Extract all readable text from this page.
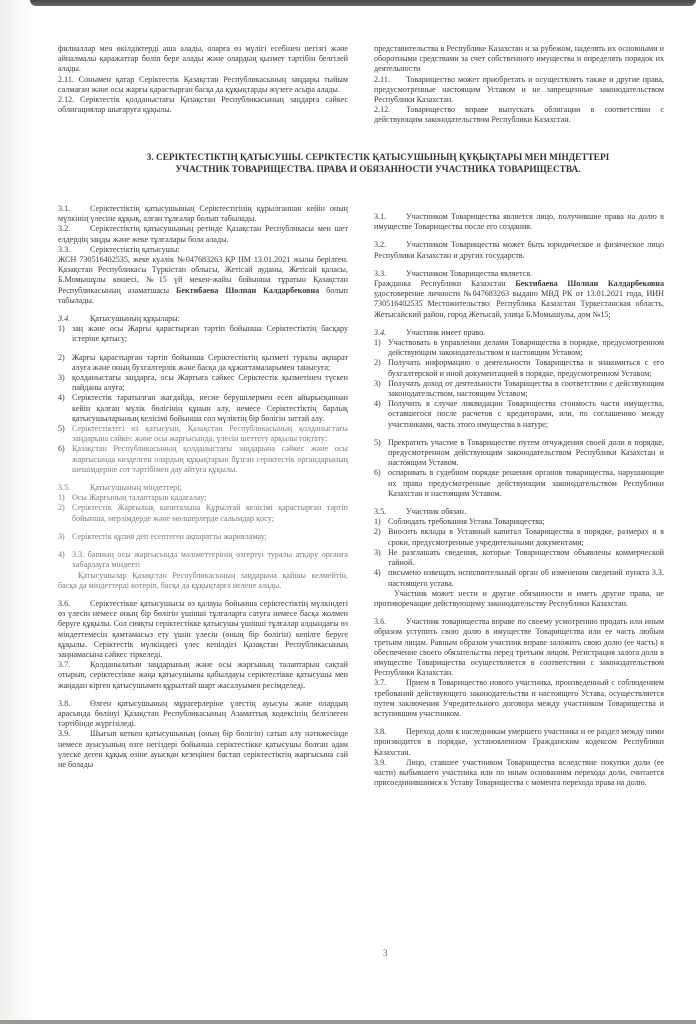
филиаллар мен өкілдіктерді аша алады, оларға өз мүлігі есебінен негізгі және айналмалы қаражаттар бөліп бере алады және олардың қызмет тәртібін белгілей алады.

2.11. Сонымен қатар Серіктестік Қазақстан Республикасының заңдары тыйым салмаған және осы жарғы қарастырған басқа да құқықтарды жүзеге асыра алады.

2.12. Серіктестік қолданыстағы Қазақстан Республикасының заңдарға сәйкес облигациялар шығаруға құқылы.

представительства в Республике Казахстан и за рубежом, наделять их основными и оборотными средствами за счет собственного имущества и определять порядок их деятельности

2.11. Товарищество может приобретать и осуществлять также и другие права, предусмотренные настоящим Уставом и не запрещенные законодательством Республики Казахстан.

2.12. Товарищество вправе выпускать облигации в соответствии с действующим законодательством Республики Казахстан.

3. СЕРІКТЕСТІКТІҢ ҚАТЫСУШЫ. СЕРІКТЕСТІК ҚАТЫСУШЫНЫҢ ҚҰҚЫҚТАРЫ МЕН МІНДЕТТЕРІ
УЧАСТНИК ТОВАРИЩЕСТВА. ПРАВА И ОБЯЗАННОСТИ УЧАСТНИКА ТОВАРИЩЕСТВА.

3.1. Серіктестіктің қатысушының Серіктестігінің құрылғаннан кейін оның мүлкінің үлесіне құқық, алған тұлғалар болып табылады.

3.2. Серіктестіктің қатысушының ретінде Қазақстан Республикасы мен шет елдердің заңды және жеке тұлғалары бола алады.

3.3. Серіктестіктің қатысушы:

ЖСН 730516402535, жеке куәлік №047683263 ҚР ІІМ 13.01.2021 жылы берілген. Қазақстан Республикасы Түркістан облысы, Жетісай ауданы, Жетісай қаласы, Б.Момышұлы көшесі, №15 үй мекен-жайы бойынша тұратын Қазақстан Республикасының азаматшасы Бектибаева Шолпан Калдарбековна болып табылады.

3.4. Қатысушының құқылары:

1) заң және осы Жарғы қарастырған тәртіп бойынша Серіктестіктің басқару істеріне қатысу;
2) Жарғы қарастырған тәртіп бойынша Серіктестіктің қызметі туралы ақпарат алуға және оның бухгалтерлік және басқа да құжаттамаларымен танысуға;
3) қолданыстағы заңдарға, осы Жарғыға сәйкес Серіктестік қызметінен түскен пайданы алуға;
4) Серіктестік таратылған жағдайда, несие берушілермен есеп айырысқаннан кейін қалған мүлік бөлігінің құнын алу, немесе Серіктестіктің барлық қатысушыларының келісімі бойынша сол мүліктің бір бөлігін заттай алу.
5) Серіктестіктегі өз қатысуын, Қазақстан Республикасының қолданыстағы заңдарына сәйкес және осы жарғысында, үлесін шеттету арқылы тоқтату;
6) Қазақстан Республикасының қолданыстағы заңдарына сәйкес және осы жарғысында көзделген олардың құқықтарын бұзған серіктестік органдарының шешімдеріне сот тәртібімен дау айтуға құқылы.

3.5. Қатысушының міндеттері;

1) Осы Жарғының талаптарын қадағалау;
2) Серіктестік Жарғылық капиталына Құрылтай келісімі қарастырған тәртіп бойынша, мерзімдерде және мөлшерлерде салымдар қосу;
3) Серіктестік құпия деп есептеген ақпаратты жарияламау;
4) 3.3. бапның осы жарғысында мәліметтерінің өзгертуі туралы атқару органға хабарлауға міндетті

Қатысушылар Қазақстан Республикасының заңдарына қайшы келмейтін, басқа да міндеттерді көтеріп, басқа да құқықтарға иеленe алады.

3.6. Серіктестікке қатысушысы өз қалауы бойынша серіктестіктің мүлкіндегі өз үлесін немесе оның бір бөлігін үшінші тұлғаларға сатуға немесе басқа жолмен беруге құқылы. Сол сияқты серіктестікке қатысушы үшінші тұлғалар алдындағы өз міндеттемесін қамтамасыз ету үшін үлесін (оның бір бөлігін) кепілге беруге құқылы. Серіктестік мүлкіндегі үлес кепілдігі Қазақстан Республикасының заңнамасына сәйкес тіркеледі.

3.7. Қолданылатын заңдарының және осы жарғының талаптарын сақтай отырып, серіктестікке жаңа қатысушыны қабылдауы серіктестікке қатысушы мен жаңадан кірген қатысушымен құрылтай шарт жасалуымен ресімделеді.

3.8. Өлген қатысушының мұрагерлеріне үлестің ауысуы және олардың арасында бөлінуі Қазақстан Республикасының Азаматтық кодексінің белгілеген тәртібінде жүргізіледі.

3.9. Шығып кеткен қатысушының (оның бір бөлігін) сатып алу нәтижесінде немесе ауысуының өзге негіздері бойынша серіктестікке қатысушы болған адам үлеске деген құқық өзіне ауысқан кезеңінен бастап серіктестіктің жарғысына сай не болады

3.1. Участником Товарищества является лицо, получившие права на долю в имуществе Товарищества после его создания.

3.2. Участником Товарищества может быть юридическое и физическое лицо Республики Казахстан и других государств.

3.3. Участником Товарищества является.

Гражданка Республики Казахстан Бектибаева Шолпан Калдарбековна удостоверение личности №047683263 выдано МВД РК от 13.01.2021 года, ИИН 730516402535 Местожительство: Республика Казахстан Туркестанская область, Жетысайский район, город Жетысай, улица Б.Момышулы, дом №15;

3.4. Участник имеет право.

1) Участвовать в управлении делами Товарищества в порядке, предусмотренном действующим законодательством и настоящим Уставом;
2) Получать информацию о деятельности Товарищества и знакомиться с его бухгалтерской и иной документацией в порядке, предусмотренном Уставом;
3) Получать доход от деятельности Товарищества в соответствии с действующим законодательством, настоящим Уставом;
4) Получить в случае ликвидации Товарищества стоимость части имущества, оставшегося после расчетов с кредиторами, или, по соглашению между участниками, часть этого имущества в натуре;
5) Прекратить участие в Товариществе путем отчуждения своей доли в порядке, предусмотренном действующим законодательством Республики Казахстан и настоящим Уставом.
6) оспаривать в судебном порядке решения органов товарищества, нарушающие их права предусмотренные действующим законодательством Республики Казахстан и настоящим Уставом.

3.5. Участник обязан.

1) Соблюдать требования Устава Товарищества;
2) Вносить вклады в Уставный капитал Товарищества в порядке, размерах и в сроки, предусмотренные учредительными документами;
3) Не разглашать сведения, которые Товариществом объявлены коммерческой тайной.
4) письмено извещать исполнительный орган об изменении сведений пункта 3.3. настоящего устава.

Участник может нести и другие обязанности и иметь другие права, не противоречащие действующему законодательству Республики Казахстан.

3.6. Участник товарищества вправе по своему усмотрению продать или иным образом уступить свою долю в имуществе Товарищества или ее часть любым третьим лицам. Равным образом участник вправе заложить свою долю (ее часть) в обеспечение своего обязательства перед третьим лицом. Регистрация залога доли в имуществе Товарищества осуществляется в соответствии с законодательством Республики Казахстан.

3.7. Прием в Товарищество нового участника, произведенный с соблюдением требований действующего законодательства и настоящего Устава, осуществляется путем заключения Учредительного договора между участником Товарищества и вступившим участником.

3.8. Переход доли к наследникам умершего участника и ее раздел между ними производится в порядке, установленном Гражданским кодексом Республики Казахстан.

3.9. Лицо, ставшее участником Товарищества вследствие покупки доли (ее части) выбывшего участника или по иным основаниям перехода доли, считается присоединившимся к Уставу Товарищества с момента перехода права на долю.

3
